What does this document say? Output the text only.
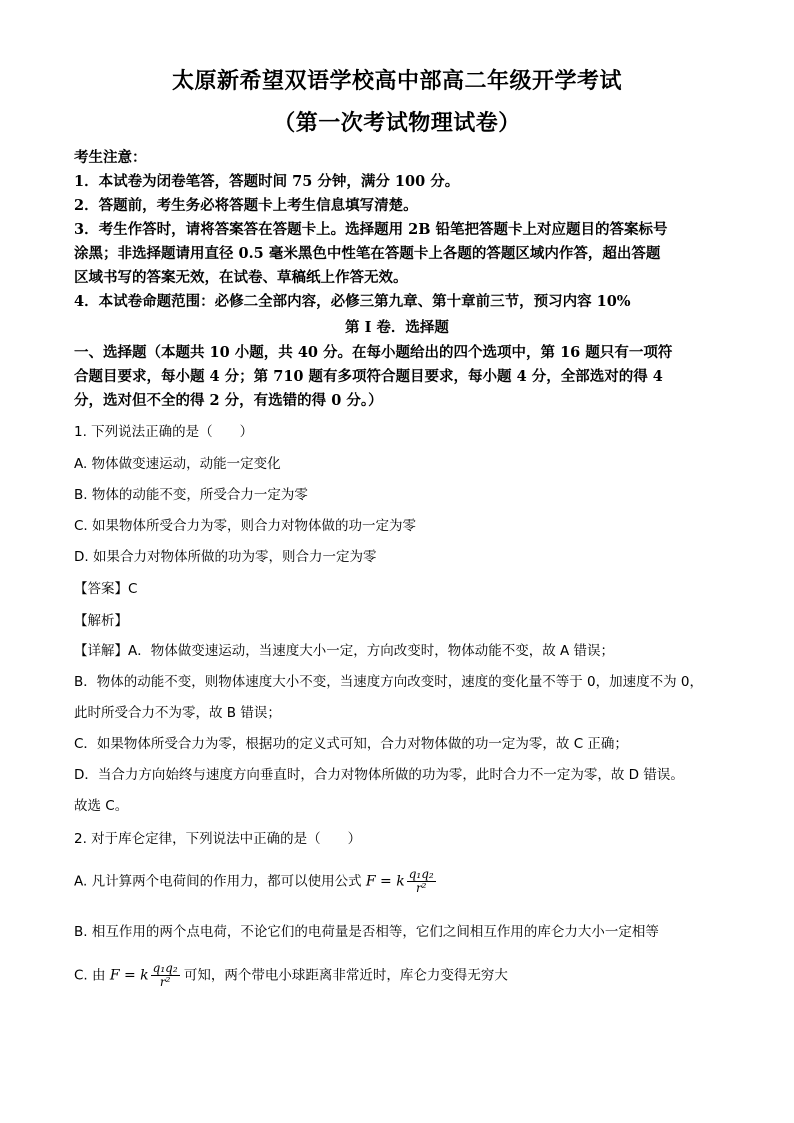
太原新希望双语学校高中部高二年级开学考试
（第一次考试物理试卷）
考生注意：
1．本试卷为闭卷笔答，答题时间 75 分钟，满分 100 分。
2．答题前，考生务必将答题卡上考生信息填写清楚。
3．考生作答时，请将答案答在答题卡上。选择题用 2B 铅笔把答题卡上对应题目的答案标号
涂黑；非选择题请用直径 0.5 毫米黑色中性笔在答题卡上各题的答题区域内作答，超出答题
区域书写的答案无效，在试卷、草稿纸上作答无效。
4．本试卷命题范围：必修二全部内容，必修三第九章、第十章前三节，预习内容 10%
第 I 卷．选择题
一、选择题（本题共 10 小题，共 40 分。在每小题给出的四个选项中，第 16 题只有一项符
合题目要求，每小题 4 分；第 710 题有多项符合题目要求，每小题 4 分，全部选对的得 4
分，选对但不全的得 2 分，有选错的得 0 分。）
1. 下列说法正确的是（　　）
A. 物体做变速运动，动能一定变化
B. 物体的动能不变，所受合力一定为零
C. 如果物体所受合力为零，则合力对物体做的功一定为零
D. 如果合力对物体所做的功为零，则合力一定为零
【答案】C
【解析】
【详解】A．物体做变速运动，当速度大小一定，方向改变时，物体动能不变，故 A 错误；
B．物体的动能不变，则物体速度大小不变，当速度方向改变时，速度的变化量不等于 0，加速度不为 0，
此时所受合力不为零，故 B 错误；
C．如果物体所受合力为零，根据功的定义式可知，合力对物体做的功一定为零，故 C 正确；
D．当合力方向始终与速度方向垂直时，合力对物体所做的功为零，此时合力不一定为零，故 D 错误。
故选 C。
2. 对于库仑定律，下列说法中正确的是（　　）
A. 凡计算两个电荷间的作用力，都可以使用公式 F = k $\frac{\text{q₁q₂}}{\text{r²}}$
B. 相互作用的两个点电荷，不论它们的电荷量是否相等，它们之间相互作用的库仑力大小一定相等
C. 由 F = k $\frac{\text{q₁q₂}}{\text{r²}}$ 可知，两个带电小球距离非常近时，库仑力变得无穷大
